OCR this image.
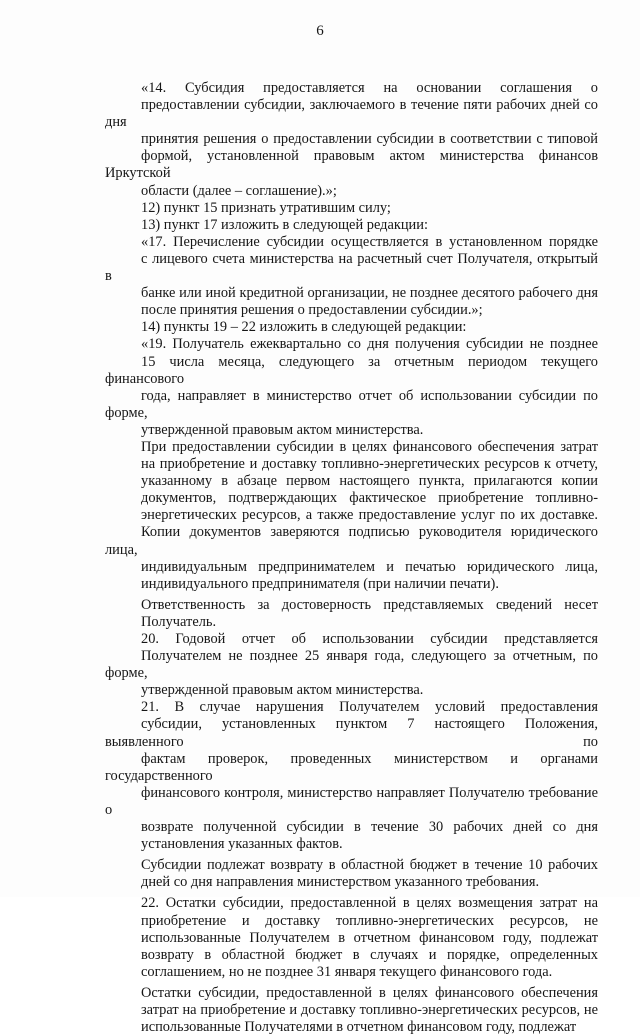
6

«14. Субсидия предоставляется на основании соглашения о
предоставлении субсидии, заключаемого в течение пяти рабочих дней со дня
принятия решения о предоставлении субсидии в соответствии с типовой
формой, установленной правовым актом министерства финансов Иркутской
области (далее – соглашение).»;

12) пункт 15 признать утратившим силу;

13) пункт 17 изложить в следующей редакции:

«17. Перечисление субсидии осуществляется в установленном порядке
с лицевого счета министерства на расчетный счет Получателя, открытый в
банке или иной кредитной организации, не позднее десятого рабочего дня
после принятия решения о предоставлении субсидии.»;

14) пункты 19 – 22 изложить в следующей редакции:

«19. Получатель ежеквартально со дня получения субсидии не позднее
15 числа месяца, следующего за отчетным периодом текущего финансового
года, направляет в министерство отчет об использовании субсидии по форме,
утвержденной правовым актом министерства.

При предоставлении субсидии в целях финансового обеспечения затрат
на приобретение и доставку топливно-энергетических ресурсов к отчету,
указанному в абзаце первом настоящего пункта, прилагаются копии
документов, подтверждающих фактическое приобретение топливно-
энергетических ресурсов, а также предоставление услуг по их доставке.
Копии документов заверяются подписью руководителя юридического лица,
индивидуальным предпринимателем и печатью юридического лица,
индивидуального предпринимателя (при наличии печати).

Ответственность за достоверность представляемых сведений несет
Получатель.

20. Годовой отчет об использовании субсидии представляется
Получателем не позднее 25 января года, следующего за отчетным, по форме,
утвержденной правовым актом министерства.

21. В случае нарушения Получателем условий предоставления
субсидии, установленных пунктом 7 настоящего Положения, выявленного по
фактам проверок, проведенных министерством и органами государственного
финансового контроля, министерство направляет Получателю требование о
возврате полученной субсидии в течение 30 рабочих дней со дня
установления указанных фактов.

Субсидии подлежат возврату в областной бюджет в течение 10 рабочих
дней со дня направления министерством указанного требования.

22. Остатки субсидии, предоставленной в целях возмещения затрат на
приобретение и доставку топливно-энергетических ресурсов, не
использованные Получателем в отчетном финансовом году, подлежат
возврату в областной бюджет в случаях и порядке, определенных
соглашением, но не позднее 31 января текущего финансового года.

Остатки субсидии, предоставленной в целях финансового обеспечения
затрат на приобретение и доставку топливно-энергетических ресурсов, не
использованные Получателями в отчетном финансовом году, подлежат
